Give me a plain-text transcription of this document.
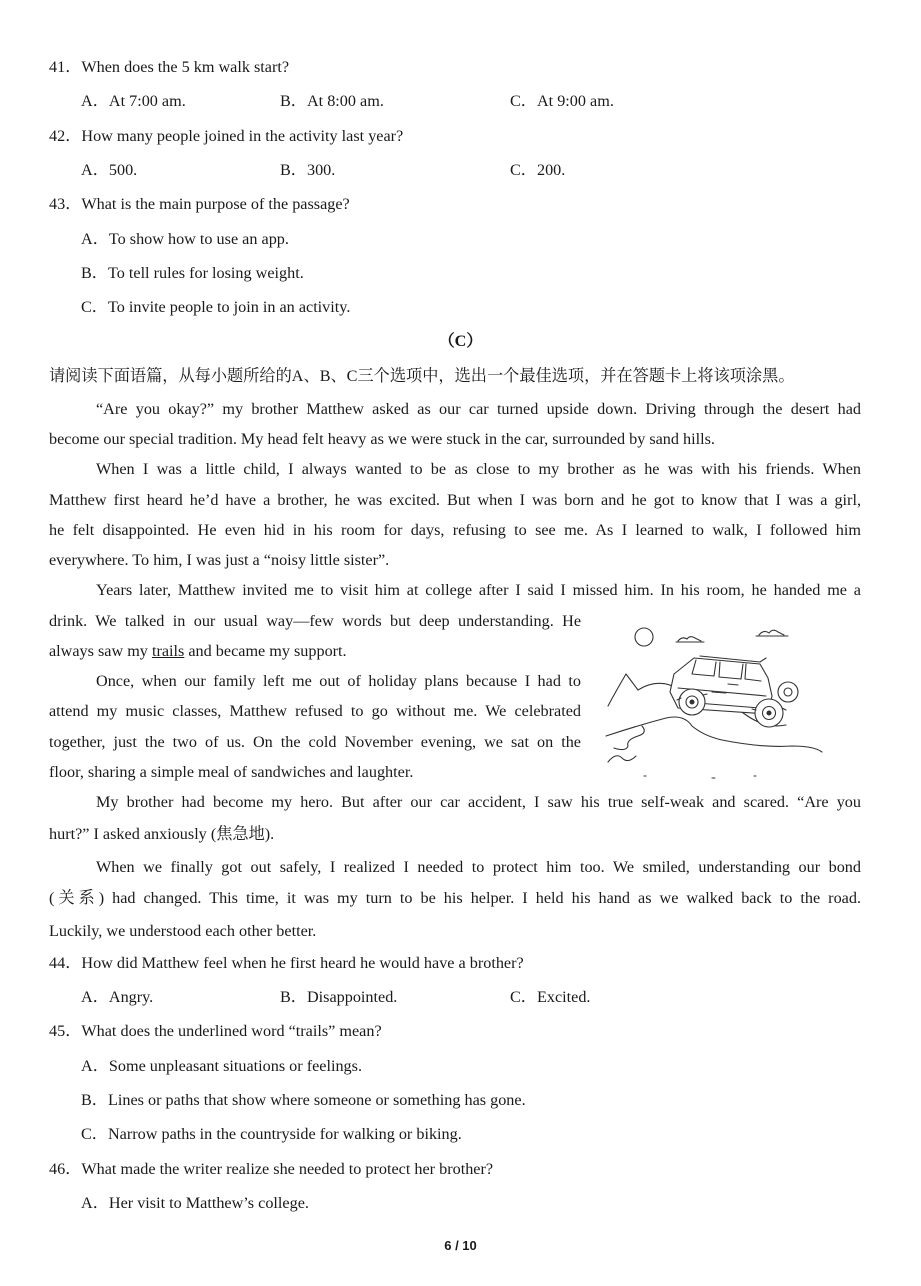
41．When does the 5 km walk start?
A．At 7:00 am.	B．At 8:00 am.	C．At 9:00 am.
42．How many people joined in the activity last year?
A．500.	B．300.	C．200.
43．What is the main purpose of the passage?
A．To show how to use an app.
B．To tell rules for losing weight.
C．To invite people to join in an activity.
（C）
请阅读下面语篇，从每小题所给的A、B、C三个选项中，选出一个最佳选项，并在答题卡上将该项涂黑。
“Are you okay?” my brother Matthew asked as our car turned upside down. Driving through the desert had
become our special tradition. My head felt heavy as we were stuck in the car, surrounded by sand hills.
When I was a little child, I always wanted to be as close to my brother as he was with his friends. When
Matthew first heard he’d have a brother, he was excited. But when I was born and he got to know that I was a girl,
he felt disappointed. He even hid in his room for days, refusing to see me. As I learned to walk, I followed him
everywhere. To him, I was just a “noisy little sister”.
Years later, Matthew invited me to visit him at college after I said I missed him. In his room, he handed me a
drink. We talked in our usual way—few words but deep understanding. He
always saw my trails and became my support.
Once, when our family left me out of holiday plans because I had to
attend my music classes, Matthew refused to go without me. We celebrated
together, just the two of us. On the cold November evening, we sat on the
floor, sharing a simple meal of sandwiches and laughter.
My brother had become my hero. But after our car accident, I saw his true self-weak and scared. “Are you
hurt?” I asked anxiously (焦急地).
When we finally got out safely, I realized I needed to protect him too. We smiled, understanding our bond
(关系) had changed. This time, it was my turn to be his helper. I held his hand as we walked back to the road.
Luckily, we understood each other better.
44．How did Matthew feel when he first heard he would have a brother?
A．Angry.	B．Disappointed.	C．Excited.
45．What does the underlined word “trails” mean?
A．Some unpleasant situations or feelings.
B．Lines or paths that show where someone or something has gone.
C．Narrow paths in the countryside for walking or biking.
46．What made the writer realize she needed to protect her brother?
A．Her visit to Matthew’s college.
6 / 10
